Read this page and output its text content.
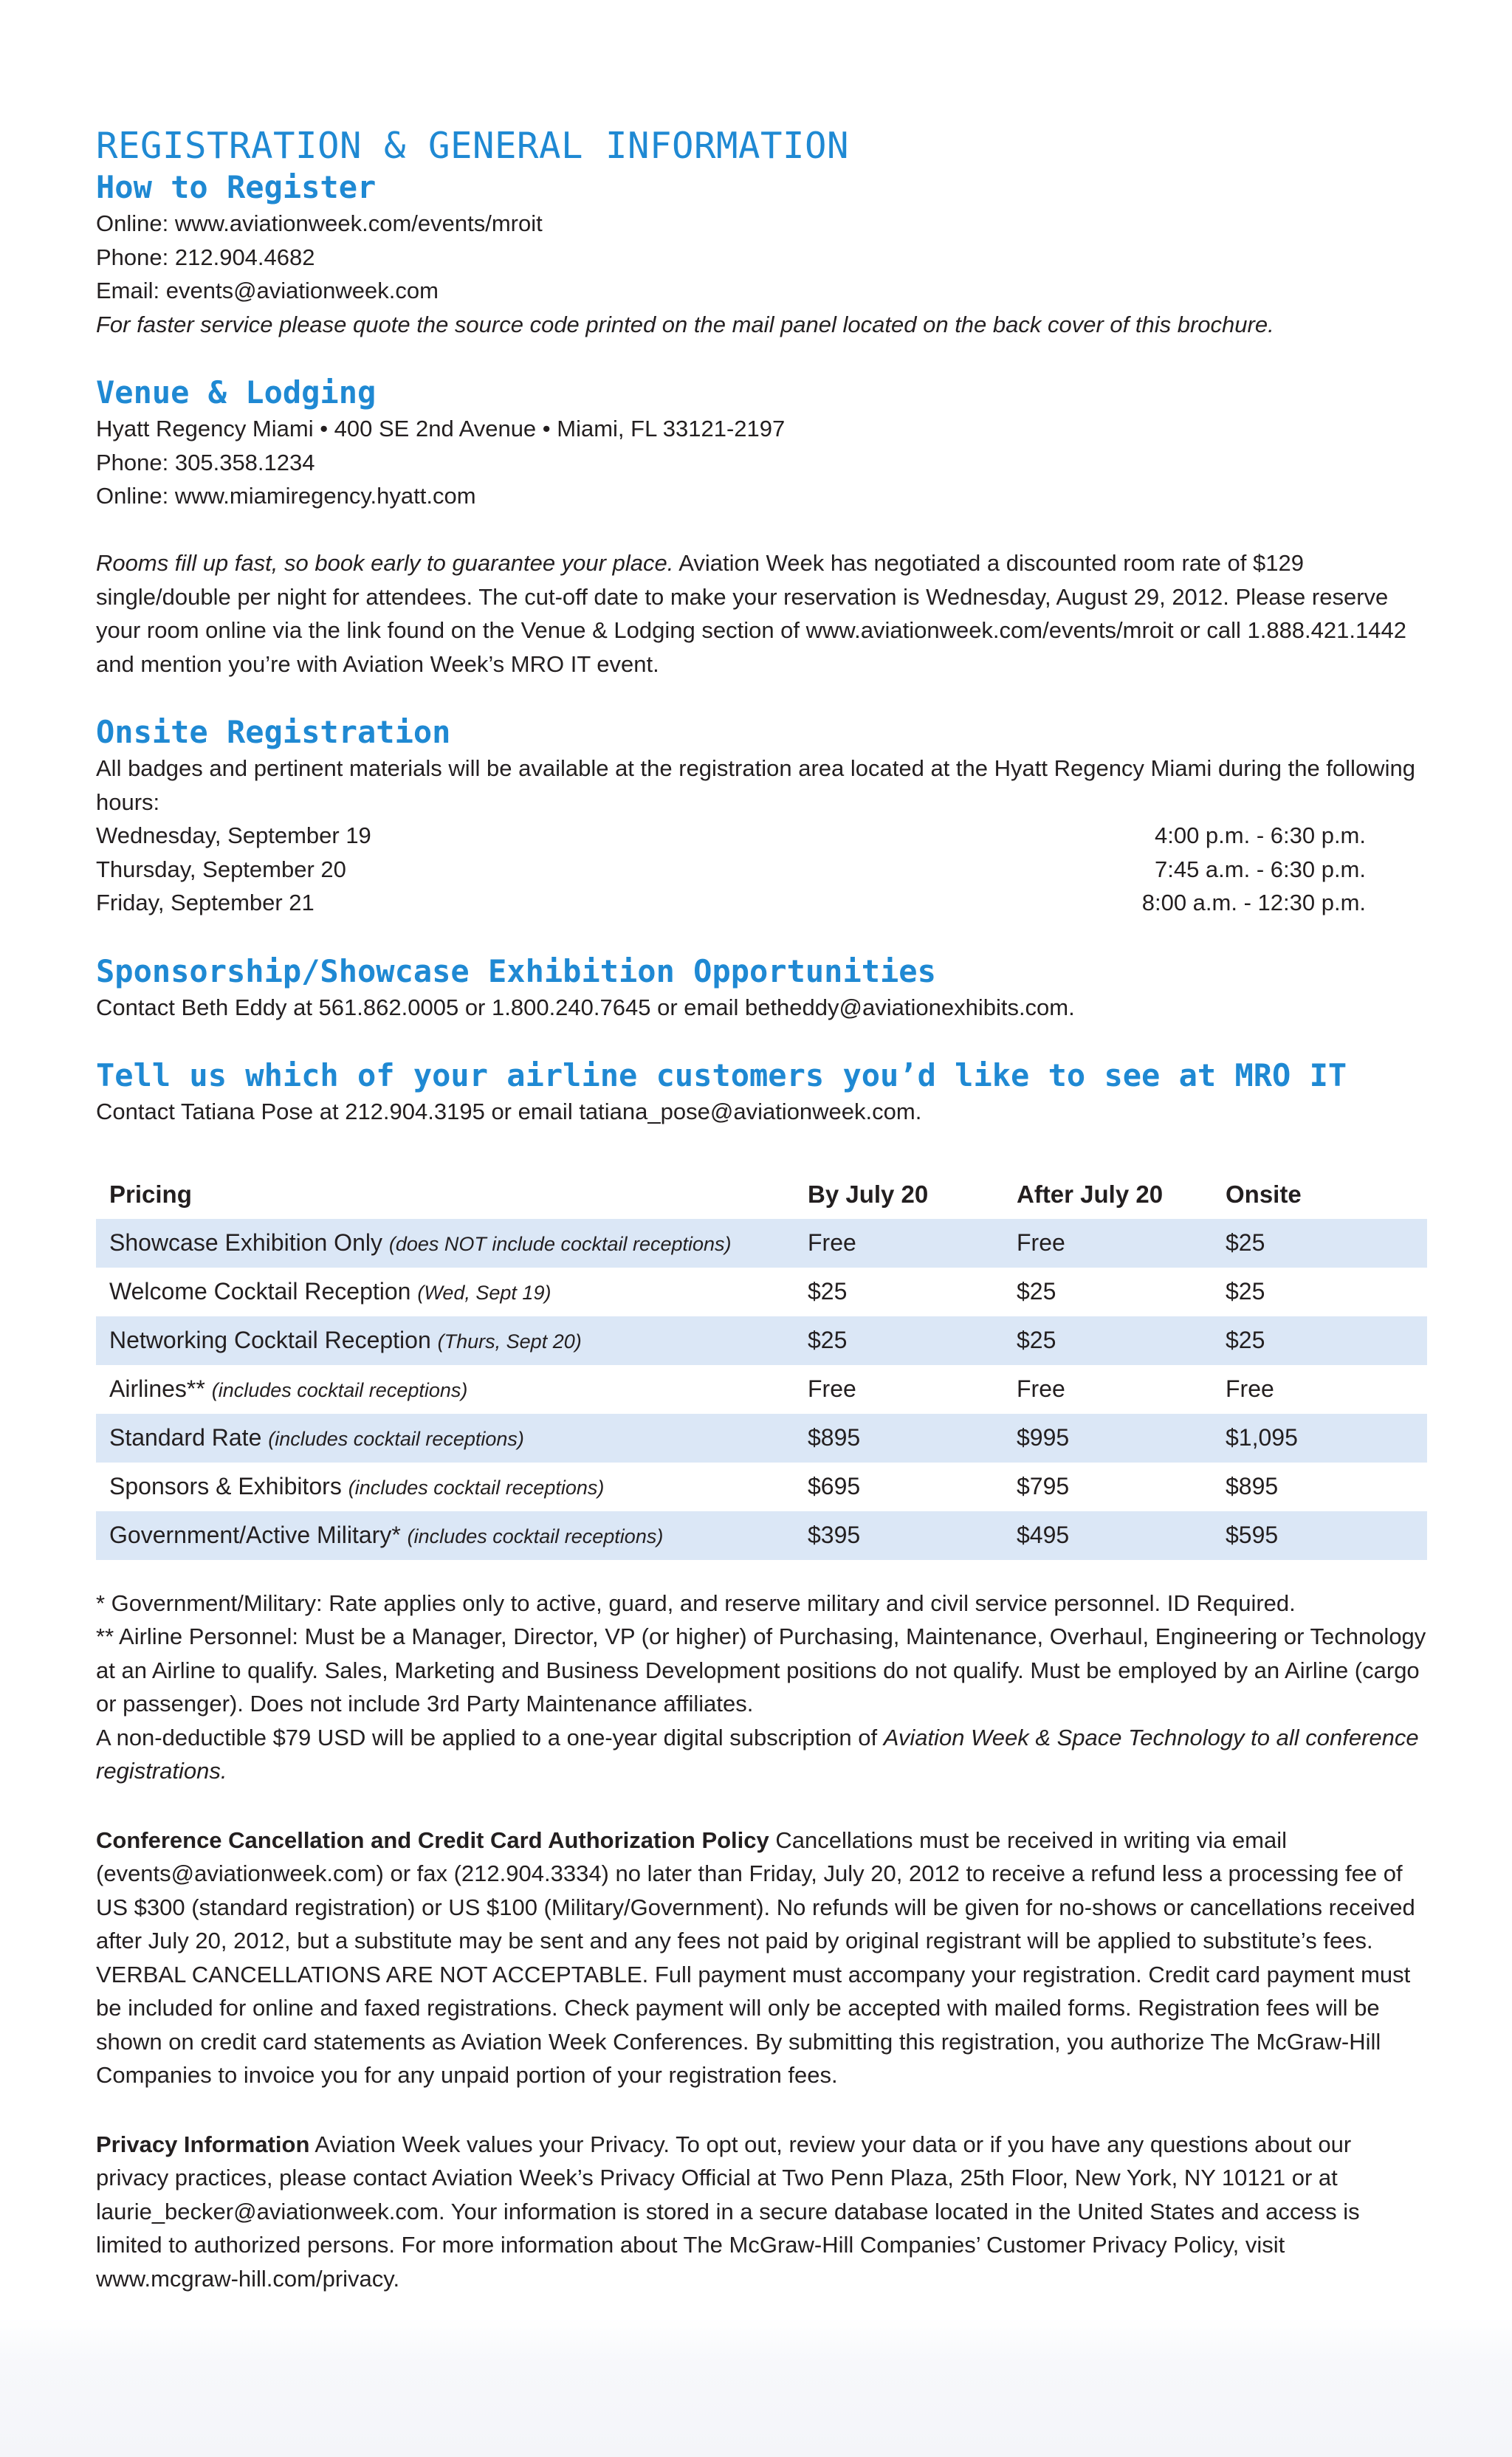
REGISTRATION & GENERAL INFORMATION
How to Register

Online: www.aviationweek.com/events/mroit

Phone: 212.904.4682

Email: events@aviationweek.com

For faster service please quote the source code printed on the mail panel located on the back cover of this brochure.

Venue & Lodging

Hyatt Regency Miami • 400 SE 2nd Avenue • Miami, FL 33121-2197

Phone: 305.358.1234

Online: www.miamiregency.hyatt.com

Rooms fill up fast, so book early to guarantee your place. Aviation Week has negotiated a discounted room rate of $129 single/double per night for attendees. The cut-off date to make your reservation is Wednesday, August 29, 2012. Please reserve your room online via the link found on the Venue & Lodging section of www.aviationweek.com/events/mroit or call 1.888.421.1442 and mention you’re with Aviation Week’s MRO IT event.

Onsite Registration

All badges and pertinent materials will be available at the registration area located at the Hyatt Regency Miami during the following hours:

Wednesday, September 19	4:00 p.m. - 6:30 p.m.
Thursday, September 20	7:45 a.m. - 6:30 p.m.
Friday, September 21	8:00 a.m. - 12:30 p.m.
Sponsorship/Showcase Exhibition Opportunities

Contact Beth Eddy at 561.862.0005 or 1.800.240.7645 or email betheddy@aviationexhibits.com.

Tell us which of your airline customers you’d like to see at MRO IT

Contact Tatiana Pose at 212.904.3195 or email tatiana_pose@aviationweek.com.

Pricing	By July 20	After July 20	Onsite
Showcase Exhibition Only (does NOT include cocktail receptions)	Free	Free	$25
Welcome Cocktail Reception (Wed, Sept 19)	$25	$25	$25
Networking Cocktail Reception (Thurs, Sept 20)	$25	$25	$25
Airlines** (includes cocktail receptions)	Free	Free	Free
Standard Rate (includes cocktail receptions)	$895	$995	$1,095
Sponsors & Exhibitors (includes cocktail receptions)	$695	$795	$895
Government/Active Military* (includes cocktail receptions)	$395	$495	$595

* Government/Military: Rate applies only to active, guard, and reserve military and civil service personnel. ID Required.

** Airline Personnel: Must be a Manager, Director, VP (or higher) of Purchasing, Maintenance, Overhaul, Engineering or Technology at an Airline to qualify. Sales, Marketing and Business Development positions do not qualify. Must be employed by an Airline (cargo or passenger). Does not include 3rd Party Maintenance affiliates.

A non-deductible $79 USD will be applied to a one-year digital subscription of Aviation Week & Space Technology to all conference registrations.

Conference Cancellation and Credit Card Authorization Policy Cancellations must be received in writing via email (events@aviationweek.com) or fax (212.904.3334) no later than Friday, July 20, 2012 to receive a refund less a processing fee of US $300 (standard registration) or US $100 (Military/Government). No refunds will be given for no-shows or cancellations received after July 20, 2012, but a substitute may be sent and any fees not paid by original registrant will be applied to substitute’s fees. VERBAL CANCELLATIONS ARE NOT ACCEPTABLE. Full payment must accompany your registration. Credit card payment must be included for online and faxed registrations. Check payment will only be accepted with mailed forms. Registration fees will be shown on credit card statements as Aviation Week Conferences. By submitting this registration, you authorize The McGraw-Hill Companies to invoice you for any unpaid portion of your registration fees.

Privacy Information Aviation Week values your Privacy. To opt out, review your data or if you have any questions about our privacy practices, please contact Aviation Week’s Privacy Official at Two Penn Plaza, 25th Floor, New York, NY 10121 or at laurie_becker@aviationweek.com. Your information is stored in a secure database located in the United States and access is limited to authorized persons. For more information about The McGraw-Hill Companies’ Customer Privacy Policy, visit www.mcgraw-hill.com/privacy.
